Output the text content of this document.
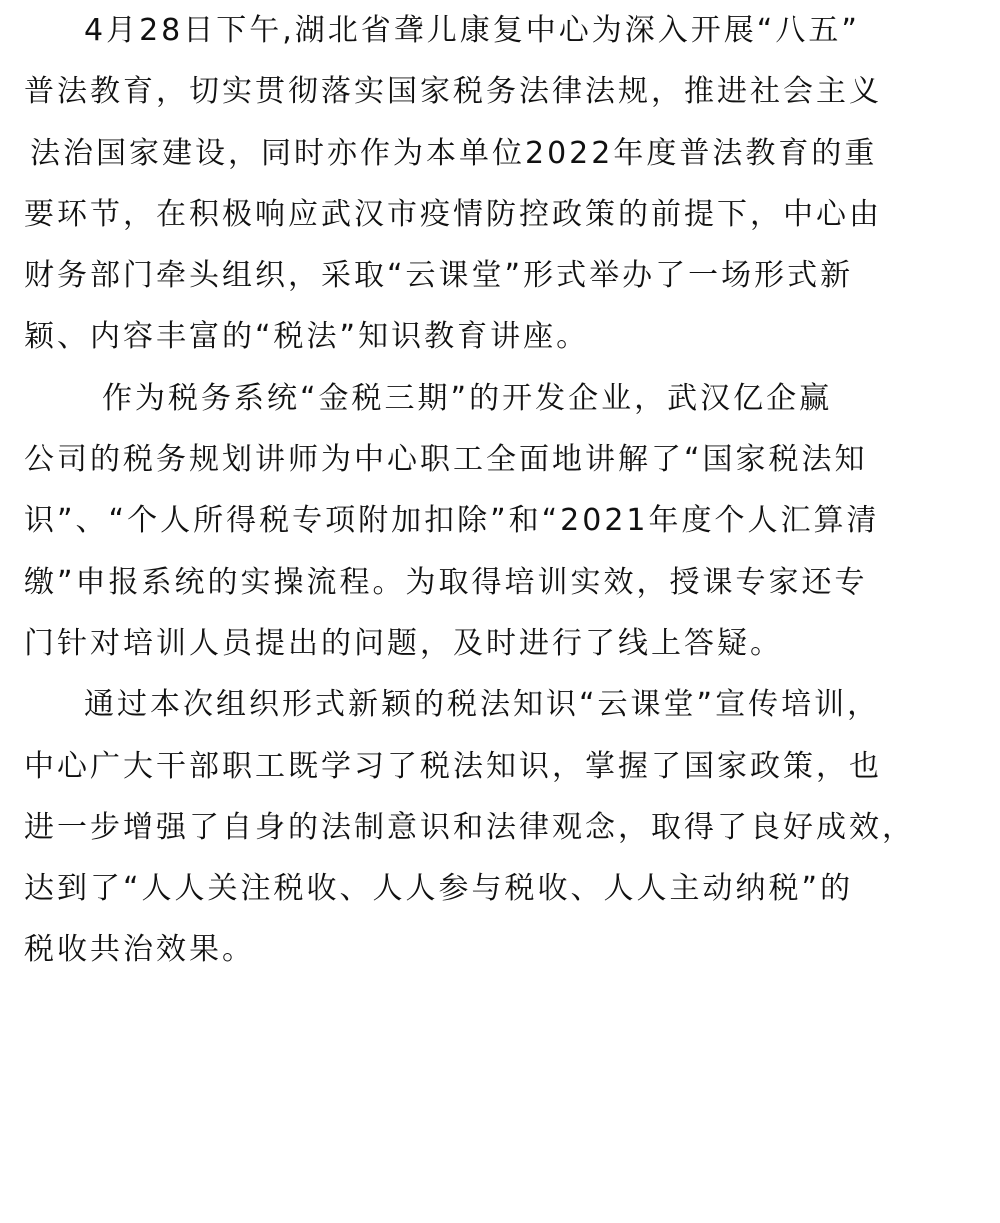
4月28日下午,湖北省聋儿康复中心为深入开展“八五”
普法教育，切实贯彻落实国家税务法律法规，推进社会主义
法治国家建设，同时亦作为本单位2022年度普法教育的重
要环节，在积极响应武汉市疫情防控政策的前提下，中心由
财务部门牵头组织，采取“云课堂”形式举办了一场形式新
颖、内容丰富的“税法”知识教育讲座。
作为税务系统“金税三期”的开发企业，武汉亿企赢
公司的税务规划讲师为中心职工全面地讲解了“国家税法知
识”、“个人所得税专项附加扣除”和“2021年度个人汇算清
缴”申报系统的实操流程。为取得培训实效，授课专家还专
门针对培训人员提出的问题，及时进行了线上答疑。
通过本次组织形式新颖的税法知识“云课堂”宣传培训，
中心广大干部职工既学习了税法知识，掌握了国家政策，也
进一步增强了自身的法制意识和法律观念，取得了良好成效，
达到了“人人关注税收、人人参与税收、人人主动纳税”的
税收共治效果。
